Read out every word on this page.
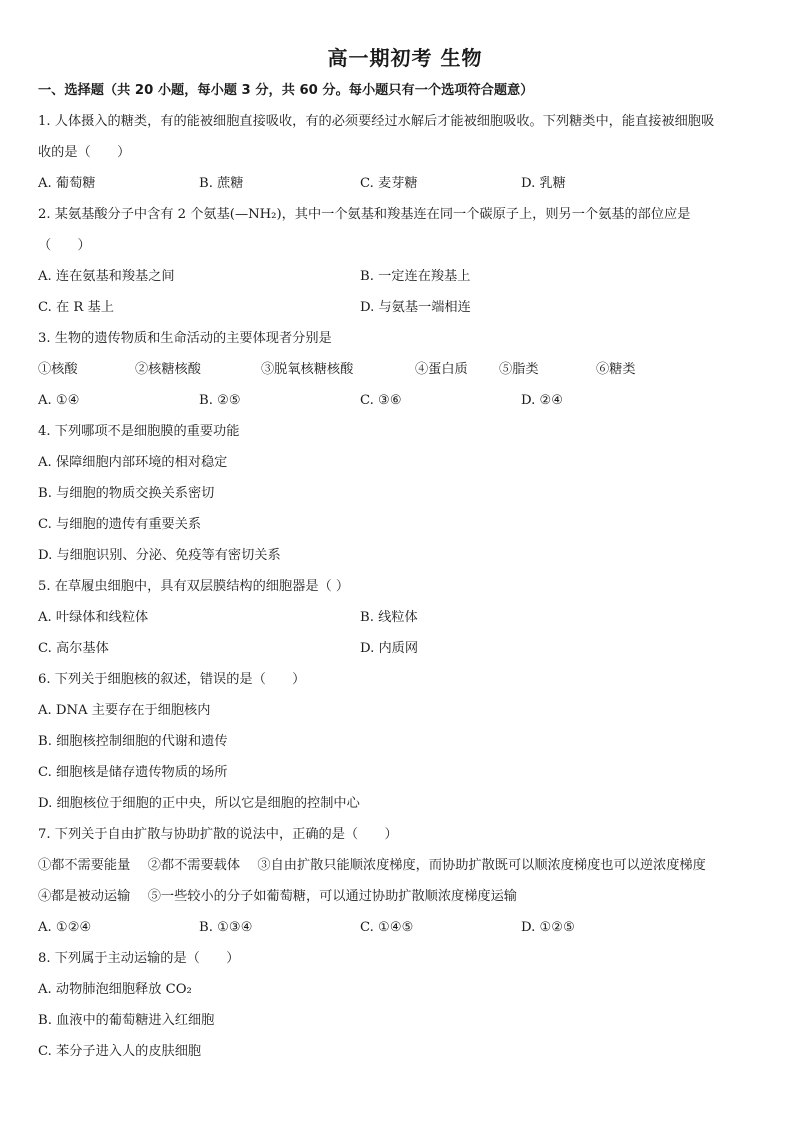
高一期初考 生物
一、选择题（共 20 小题，每小题 3 分，共 60 分。每小题只有一个选项符合题意）
1. 人体摄入的糖类，有的能被细胞直接吸收，有的必须要经过水解后才能被细胞吸收。下列糖类中，能直接被细胞吸
收的是（　　）
A. 葡萄糖	B. 蔗糖	C. 麦芽糖	D. 乳糖
2. 某氨基酸分子中含有 2 个氨基(—NH₂)，其中一个氨基和羧基连在同一个碳原子上，则另一个氨基的部位应是
（　　）
A. 连在氨基和羧基之间	B. 一定连在羧基上
C. 在 R 基上	D. 与氨基一端相连
3. 生物的遗传物质和生命活动的主要体现者分别是
①核酸	②核糖核酸	③脱氧核糖核酸	④蛋白质	⑤脂类	⑥糖类
A. ①④	B. ②⑤	C. ③⑥	D. ②④
4. 下列哪项不是细胞膜的重要功能
A. 保障细胞内部环境的相对稳定
B. 与细胞的物质交换关系密切
C. 与细胞的遗传有重要关系
D. 与细胞识别、分泌、免疫等有密切关系
5. 在草履虫细胞中，具有双层膜结构的细胞器是（ ）
A. 叶绿体和线粒体	B. 线粒体
C. 高尔基体	D. 内质网
6. 下列关于细胞核的叙述，错误的是（　　）
A. DNA 主要存在于细胞核内
B. 细胞核控制细胞的代谢和遗传
C. 细胞核是储存遗传物质的场所
D. 细胞核位于细胞的正中央，所以它是细胞的控制中心
7. 下列关于自由扩散与协助扩散的说法中，正确的是（　　）
①都不需要能量　 ②都不需要载体　 ③自由扩散只能顺浓度梯度，而协助扩散既可以顺浓度梯度也可以逆浓度梯度
④都是被动运输　 ⑤一些较小的分子如葡萄糖，可以通过协助扩散顺浓度梯度运输
A. ①②④	B. ①③④	C. ①④⑤	D. ①②⑤
8. 下列属于主动运输的是（　　）
A. 动物肺泡细胞释放 CO₂
B. 血液中的葡萄糖进入红细胞
C. 苯分子进入人的皮肤细胞
